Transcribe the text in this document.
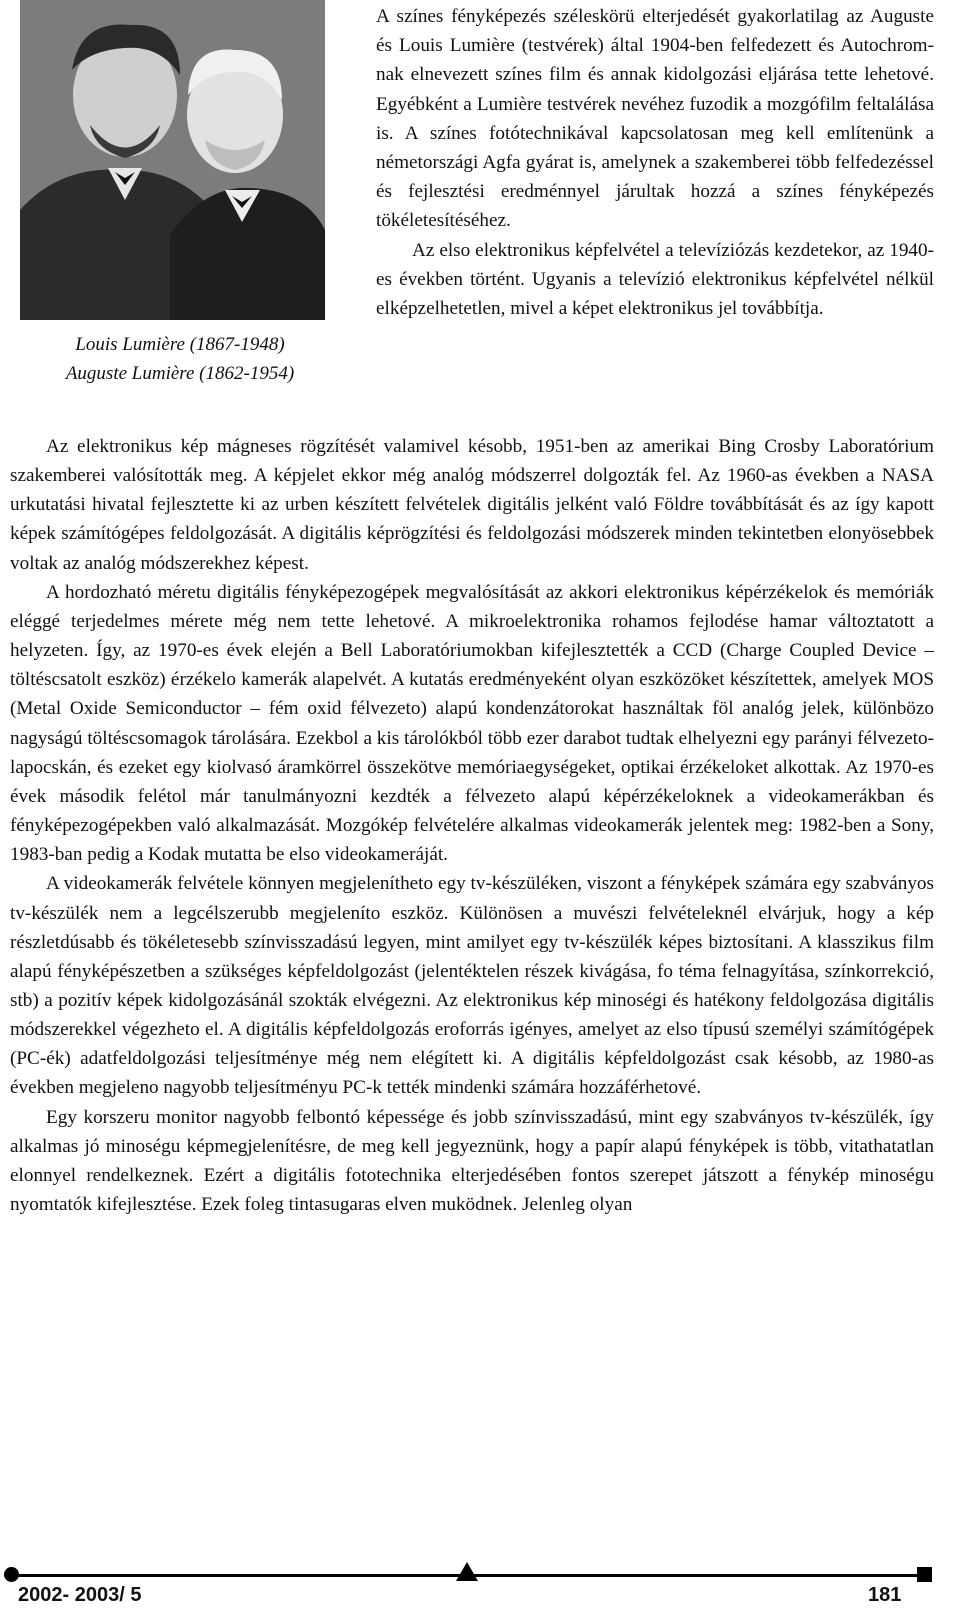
Louis Lumière (1867-1948)
Auguste Lumière (1862-1954)

A színes fényképezés széleskörü elterjedését gyakorlatilag az Auguste és Louis Lumière (testvérek) által 1904-ben felfedezett és Autochrom-nak elnevezett színes film és annak kidolgozási eljárása tette lehetové. Egyébként a Lumière testvérek nevéhez fuzodik a mozgófilm feltalálása is. A színes fotótechnikával kapcsolatosan meg kell említenünk a németországi Agfa gyárat is, amelynek a szakemberei több felfedezéssel és fejlesztési eredménnyel járultak hozzá a színes fényképezés tökéletesítéséhez.

Az elso elektronikus képfelvétel a televíziózás kezdetekor, az 1940-es években történt. Ugyanis a televízió elektronikus képfelvétel nélkül elképzelhetetlen, mivel a képet elektronikus jel továbbítja.

Az elektronikus kép mágneses rögzítését valamivel késobb, 1951-ben az amerikai Bing Crosby Laboratórium szakemberei valósították meg. A képjelet ekkor még analóg módszerrel dolgozták fel. Az 1960-as években a NASA urkutatási hivatal fejlesztette ki az urben készített felvételek digitális jelként való Földre továbbítását és az így kapott képek számítógépes feldolgozását. A digitális képrögzítési és feldolgozási módszerek minden tekintetben elonyösebbek voltak az analóg módszerekhez képest.

A hordozható méretu digitális fényképezogépek megvalósítását az akkori elektronikus képérzékelok és memóriák eléggé terjedelmes mérete még nem tette lehetové. A mikroelektronika rohamos fejlodése hamar változtatott a helyzeten. Így, az 1970-es évek elején a Bell Laboratóriumokban kifejlesztették a CCD (Charge Coupled Device – töltéscsatolt eszköz) érzékelo kamerák alapelvét. A kutatás eredményeként olyan eszközöket készítettek, amelyek MOS (Metal Oxide Semiconductor – fém oxid félvezeto) alapú kondenzátorokat használtak föl analóg jelek, különbözo nagyságú töltéscsomagok tárolására. Ezekbol a kis tárolókból több ezer darabot tudtak elhelyezni egy parányi félvezeto-lapocskán, és ezeket egy kiolvasó áramkörrel összekötve memóriaegységeket, optikai érzékeloket alkottak. Az 1970-es évek második felétol már tanulmányozni kezdték a félvezeto alapú képérzékeloknek a videokamerákban és fényképezogépekben való alkalmazását. Mozgókép felvételére alkalmas videokamerák jelentek meg: 1982-ben a Sony, 1983-ban pedig a Kodak mutatta be elso videokameráját.

A videokamerák felvétele könnyen megjelenítheto egy tv-készüléken, viszont a fényképek számára egy szabványos tv-készülék nem a legcélszerubb megjeleníto eszköz. Különösen a muvészi felvételeknél elvárjuk, hogy a kép részletdúsabb és tökéletesebb színvisszadású legyen, mint amilyet egy tv-készülék képes biztosítani. A klasszikus film alapú fényképészetben a szükséges képfeldolgozást (jelentéktelen részek kivágása, fo téma felnagyítása, színkorrekció, stb) a pozitív képek kidolgozásánál szokták elvégezni. Az elektronikus kép minoségi és hatékony feldolgozása digitális módszerekkel végezheto el. A digitális képfeldolgozás eroforrás igényes, amelyet az elso típusú személyi számítógépek (PC-ék) adatfeldolgozási teljesítménye még nem elégített ki. A digitális képfeldolgozást csak késobb, az 1980-as években megjeleno nagyobb teljesítményu PC-k tették mindenki számára hozzáférhetové.

Egy korszeru monitor nagyobb felbontó képessége és jobb színvisszadású, mint egy szabványos tv-készülék, így alkalmas jó minoségu képmegjelenítésre, de meg kell jegyeznünk, hogy a papír alapú fényképek is több, vitathatatlan elonnyel rendelkeznek. Ezért a digitális fototechnika elterjedésében fontos szerepet játszott a fénykép minoségu nyomtatók kifejlesztése. Ezek foleg tintasugaras elven muködnek. Jelenleg olyan

2002- 2003/ 5	181
